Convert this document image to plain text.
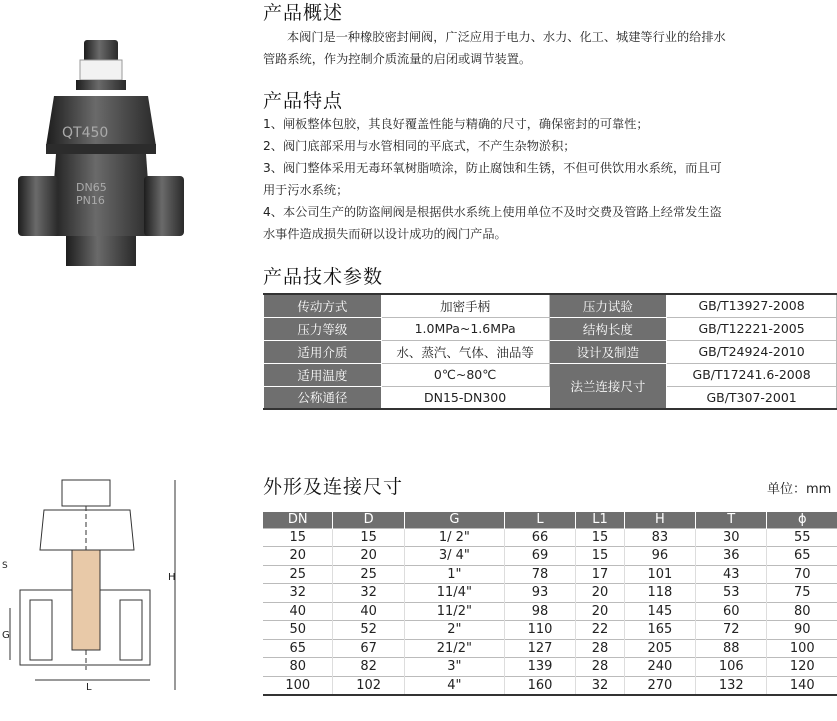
QT450
DN65
PN16
S
H
G
L
产品概述

本阀门是一种橡胶密封闸阀，广泛应用于电力、水力、化工、城建等行业的给排水

管路系统，作为控制介质流量的启闭或调节装置。

产品特点

1、闸板整体包胶，其良好覆盖性能与精确的尺寸，确保密封的可靠性；

2、阀门底部采用与水管相同的平底式，不产生杂物淤积；

3、阀门整体采用无毒环氧树脂喷涂，防止腐蚀和生锈，不但可供饮用水系统，而且可

用于污水系统；

4、本公司生产的防盗闸阀是根据供水系统上使用单位不及时交费及管路上经常发生盗

水事件造成损失而研以设计成功的阀门产品。

产品技术参数
传动方式	加密手柄	压力试验	GB/T13927-2008
压力等级	1.0MPa~1.6MPa	结构长度	GB/T12221-2005
适用介质	水、蒸汽、气体、油品等	设计及制造	GB/T24924-2010
适用温度	0℃~80℃	法兰连接尺寸	GB/T17241.6-2008
公称通径	DN15-DN300		GB/T307-2001
外形及连接尺寸	单位：mm
DN	D	G	L	L1	H	T	ϕ
15	15	1/ 2"	66	15	83	30	55
20	20	3/ 4"	69	15	96	36	65
25	25	1"	78	17	101	43	70
32	32	11/4"	93	20	118	53	75
40	40	11/2"	98	20	145	60	80
50	52	2"	110	22	165	72	90
65	67	21/2"	127	28	205	88	100
80	82	3"	139	28	240	106	120
100	102	4"	160	32	270	132	140
